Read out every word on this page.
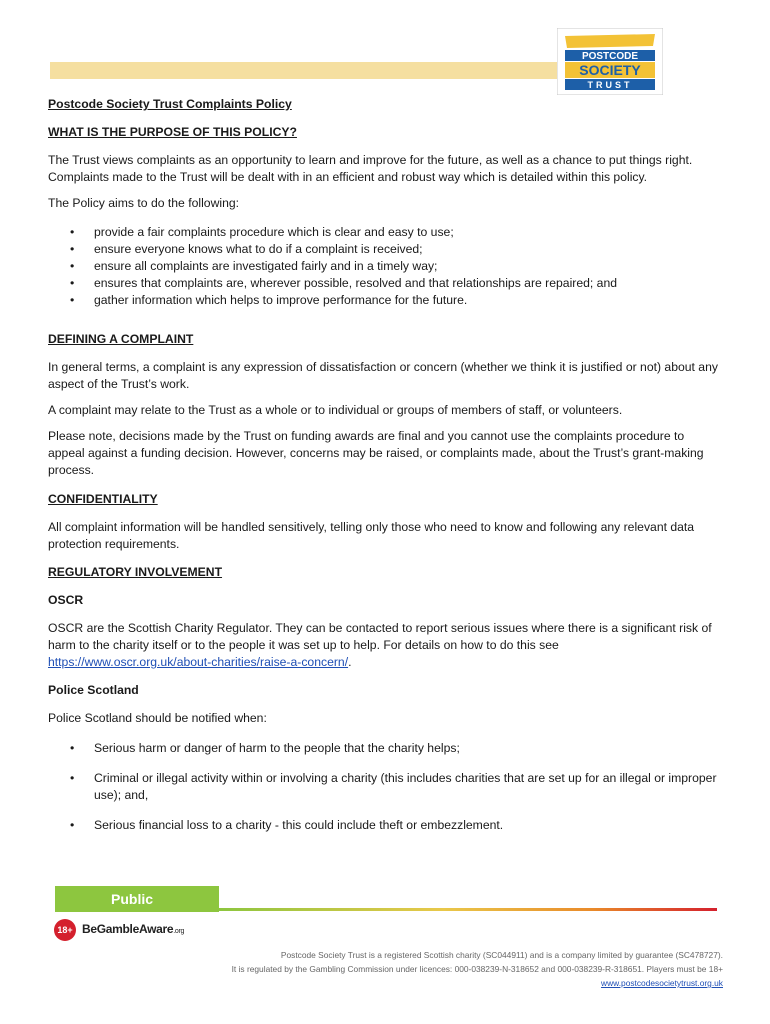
POSTCODE
SOCIETY
TRUST
Postcode Society Trust Complaints Policy
WHAT IS THE PURPOSE OF THIS POLICY?

The Trust views complaints as an opportunity to learn and improve for the future, as well as a chance to put things right. Complaints made to the Trust will be dealt with in an efficient and robust way which is detailed within this policy.

The Policy aims to do the following:

• provide a fair complaints procedure which is clear and easy to use;
• ensure everyone knows what to do if a complaint is received;
• ensure all complaints are investigated fairly and in a timely way;
• ensures that complaints are, wherever possible, resolved and that relationships are repaired; and
• gather information which helps to improve performance for the future.
DEFINING A COMPLAINT

In general terms, a complaint is any expression of dissatisfaction or concern (whether we think it is justified or not) about any aspect of the Trust’s work.

A complaint may relate to the Trust as a whole or to individual or groups of members of staff, or volunteers.

Please note, decisions made by the Trust on funding awards are final and you cannot use the complaints procedure to appeal against a funding decision. However, concerns may be raised, or complaints made, about the Trust’s grant-making process.

CONFIDENTIALITY

All complaint information will be handled sensitively, telling only those who need to know and following any relevant data protection requirements.

REGULATORY INVOLVEMENT
OSCR

OSCR are the Scottish Charity Regulator. They can be contacted to report serious issues where there is a significant risk of harm to the charity itself or to the people it was set up to help. For details on how to do this see https://www.oscr.org.uk/about-charities/raise-a-concern/.

Police Scotland

Police Scotland should be notified when:

• Serious harm or danger of harm to the people that the charity helps;
• Criminal or illegal activity within or involving a charity (this includes charities that are set up for an illegal or improper use); and,
• Serious financial loss to a charity - this could include theft or embezzlement.
Public
18+ BeGambleAware.org
Postcode Society Trust is a registered Scottish charity (SC044911) and is a company limited by guarantee (SC478727).
It is regulated by the Gambling Commission under licences: 000-038239-N-318652 and 000-038239-R-318651. Players must be 18+
www.postcodesocietytrust.org.uk
